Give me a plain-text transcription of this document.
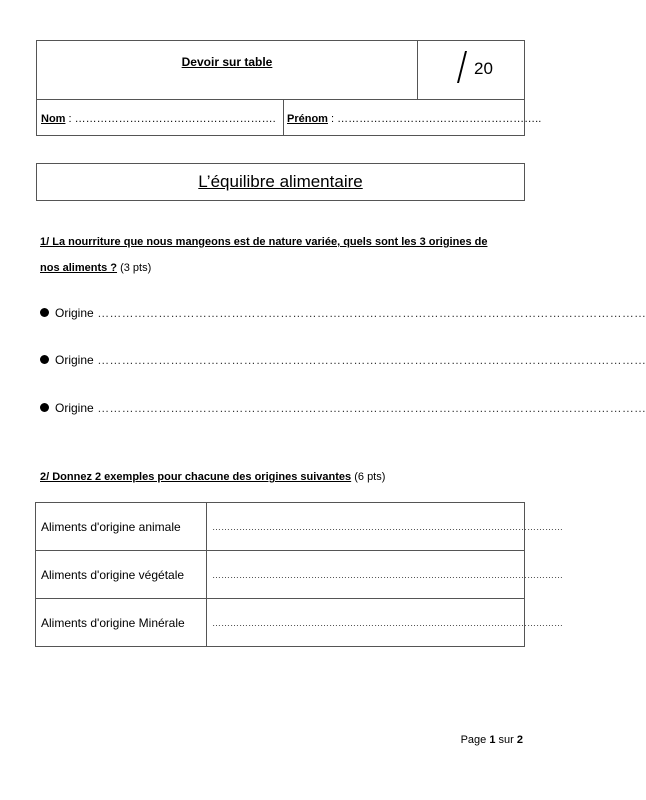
Devoir sur table	20
Nom : ………………………………………………. Prénom : ………………………………………………..
L’équilibre alimentaire
1/ La nourriture que nous mangeons est de nature variée, quels sont les 3 origines de
nos aliments ? (3 pts)
Origine ………………………………………………………………………………………………………………………
Origine ………………………………………………………………………………………………………………………
Origine ………………………………………………………………………………………………………………………
2/ Donnez 2 exemples pour chacune des origines suivantes (6 pts)
Aliments d'origine animale	………………………………………………………………………………………………………
Aliments d'origine végétale	………………………………………………………………………………………………………
Aliments d'origine Minérale	………………………………………………………………………………………………………
Page 1 sur 2
